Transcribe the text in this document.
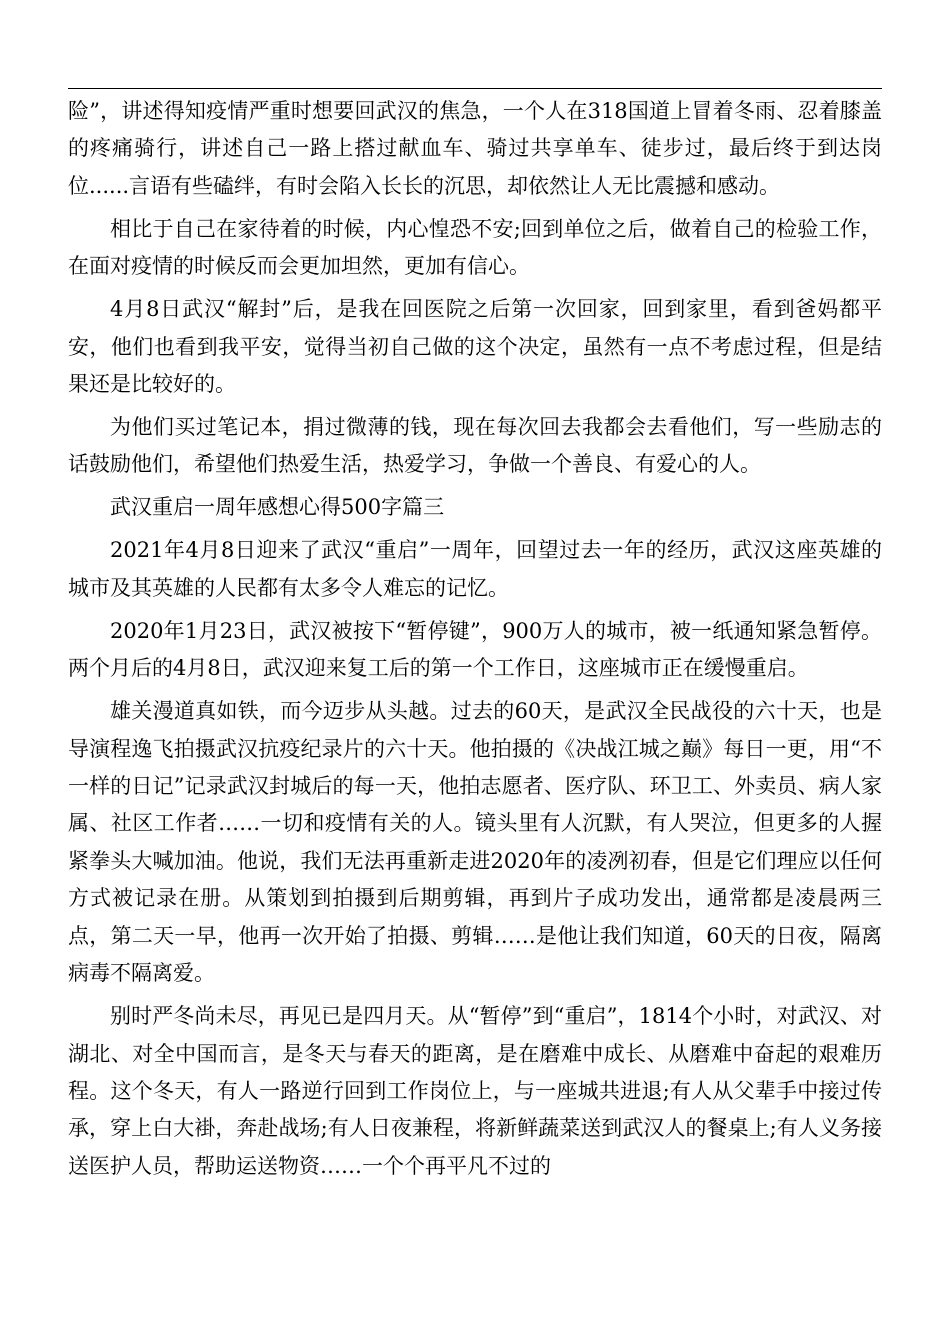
险”，讲述得知疫情严重时想要回武汉的焦急，一个人在318国道上冒着冬雨、忍着膝盖的疼痛骑行，讲述自己一路上搭过献血车、骑过共享单车、徒步过，最后终于到达岗位......言语有些磕绊，有时会陷入长长的沉思，却依然让人无比震撼和感动。

相比于自己在家待着的时候，内心惶恐不安;回到单位之后，做着自己的检验工作，在面对疫情的时候反而会更加坦然，更加有信心。

4月8日武汉“解封”后，是我在回医院之后第一次回家，回到家里，看到爸妈都平安，他们也看到我平安，觉得当初自己做的这个决定，虽然有一点不考虑过程，但是结果还是比较好的。

为他们买过笔记本，捐过微薄的钱，现在每次回去我都会去看他们，写一些励志的话鼓励他们，希望他们热爱生活，热爱学习，争做一个善良、有爱心的人。

武汉重启一周年感想心得500字篇三

2021年4月8日迎来了武汉“重启”一周年，回望过去一年的经历，武汉这座英雄的城市及其英雄的人民都有太多令人难忘的记忆。

2020年1月23日，武汉被按下“暂停键”，900万人的城市，被一纸通知紧急暂停。两个月后的4月8日，武汉迎来复工后的第一个工作日，这座城市正在缓慢重启。

雄关漫道真如铁，而今迈步从头越。过去的60天，是武汉全民战役的六十天，也是导演程逸飞拍摄武汉抗疫纪录片的六十天。他拍摄的《决战江城之巅》每日一更，用“不一样的日记”记录武汉封城后的每一天，他拍志愿者、医疗队、环卫工、外卖员、病人家属、社区工作者……一切和疫情有关的人。镜头里有人沉默，有人哭泣，但更多的人握紧拳头大喊加油。他说，我们无法再重新走进2020年的凌冽初春，但是它们理应以任何方式被记录在册。从策划到拍摄到后期剪辑，再到片子成功发出，通常都是凌晨两三点，第二天一早，他再一次开始了拍摄、剪辑……是他让我们知道，60天的日夜，隔离病毒不隔离爱。

别时严冬尚未尽，再见已是四月天。从“暂停”到“重启”，1814个小时，对武汉、对湖北、对全中国而言，是冬天与春天的距离，是在磨难中成长、从磨难中奋起的艰难历程。这个冬天，有人一路逆行回到工作岗位上，与一座城共进退;有人从父辈手中接过传承，穿上白大褂，奔赴战场;有人日夜兼程，将新鲜蔬菜送到武汉人的餐桌上;有人义务接送医护人员，帮助运送物资……一个个再平凡不过的
